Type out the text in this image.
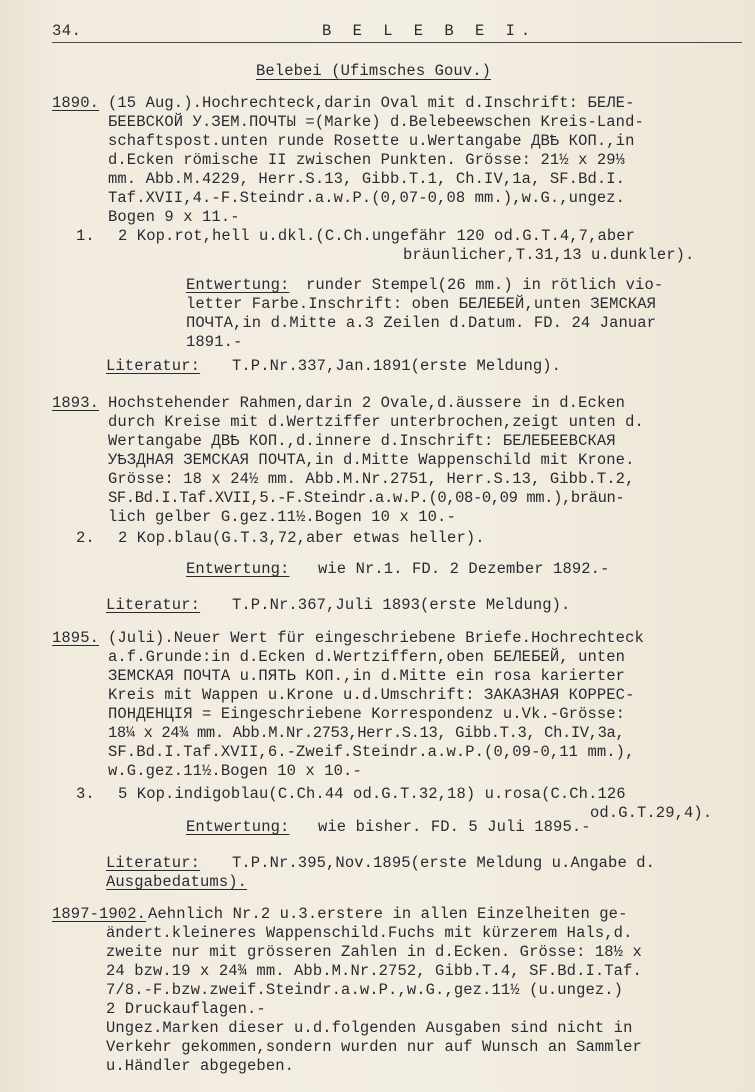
34.	B E L E B E I.
Belebei (Ufimsches Gouv.)
1890. (15 Aug.).Hochrechteck,darin Oval mit d.Inschrift: БЕЛЕ-
БЕЕВСКОЙ У.ЗЕМ.ПОЧТЫ =(Marke) d.Belebeewschen Kreis-Land-
schaftspost.unten runde Rosette u.Wertangabe ДВѢ КОП.,in
d.Ecken römische II zwischen Punkten. Grösse: 21½ x 29⅓
mm. Abb.M.4229, Herr.S.13, Gibb.T.1, Ch.IV,1a, SF.Bd.I.
Taf.XVII,4.-F.Steindr.a.w.P.(0,07-0,08 mm.),w.G.,ungez.
Bogen 9 x 11.-
1. 2 Kop.rot,hell u.dkl.(C.Ch.ungefähr 120 od.G.T.4,7,aber
bräunlicher,T.31,13 u.dunkler).
Entwertung: runder Stempel(26 mm.) in rötlich vio-
letter Farbe.Inschrift: oben БЕЛЕБЕЙ,unten ЗЕМСКАЯ
ПОЧТА,in d.Mitte a.3 Zeilen d.Datum. FD. 24 Januar
1891.-
Literatur: T.P.Nr.337,Jan.1891(erste Meldung).
1893. Hochstehender Rahmen,darin 2 Ovale,d.äussere in d.Ecken
durch Kreise mit d.Wertziffer unterbrochen,zeigt unten d.
Wertangabe ДВѢ КОП.,d.innere d.Inschrift: БЕЛЕБЕЕВСКАЯ
УѢЗДНАЯ ЗЕМСКАЯ ПОЧТА,in d.Mitte Wappenschild mit Krone.
Grösse: 18 x 24½ mm. Abb.M.Nr.2751, Herr.S.13, Gibb.T.2,
SF.Bd.I.Taf.XVII,5.-F.Steindr.a.w.P.(0,08-0,09 mm.),bräun-
lich gelber G.gez.11½.Bogen 10 x 10.-
2. 2 Kop.blau(G.T.3,72,aber etwas heller).
Entwertung: wie Nr.1. FD. 2 Dezember 1892.-
Literatur: T.P.Nr.367,Juli 1893(erste Meldung).
1895. (Juli).Neuer Wert für eingeschriebene Briefe.Hochrechteck
a.f.Grunde:in d.Ecken d.Wertziffern,oben БЕЛЕБЕЙ, unten
ЗЕМСКАЯ ПОЧТА u.ПЯТЬ КОП.,in d.Mitte ein rosa karierter
Kreis mit Wappen u.Krone u.d.Umschrift: ЗАКАЗНАЯ КОРРЕС-
ПОНДЕНЦІЯ = Eingeschriebene Korrespondenz u.Vk.-Grösse:
18¼ x 24¾ mm. Abb.M.Nr.2753,Herr.S.13, Gibb.T.3, Ch.IV,3a,
SF.Bd.I.Taf.XVII,6.-Zweif.Steindr.a.w.P.(0,09-0,11 mm.),
w.G.gez.11½.Bogen 10 x 10.-
3. 5 Kop.indigoblau(C.Ch.44 od.G.T.32,18) u.rosa(C.Ch.126
od.G.T.29,4).
Entwertung: wie bisher. FD. 5 Juli 1895.-
Literatur: T.P.Nr.395,Nov.1895(erste Meldung u.Angabe d.
Ausgabedatums).
1897-1902. Aehnlich Nr.2 u.3.erstere in allen Einzelheiten ge-
ändert.kleineres Wappenschild.Fuchs mit kürzerem Hals,d.
zweite nur mit grösseren Zahlen in d.Ecken. Grösse: 18½ x
24 bzw.19 x 24¾ mm. Abb.M.Nr.2752, Gibb.T.4, SF.Bd.I.Taf.
7/8.-F.bzw.zweif.Steindr.a.w.P.,w.G.,gez.11½ (u.ungez.)
2 Druckauflagen.-
Ungez.Marken dieser u.d.folgenden Ausgaben sind nicht in
Verkehr gekommen,sondern wurden nur auf Wunsch an Sammler
u.Händler abgegeben.
